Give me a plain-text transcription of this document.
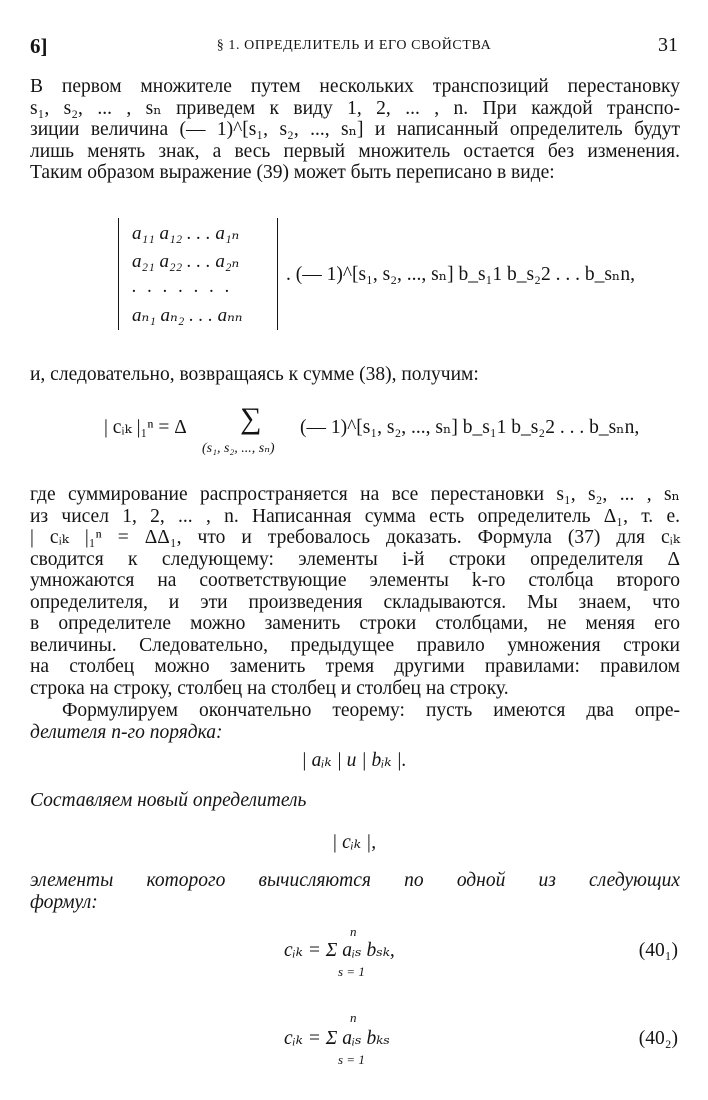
6]	§ 1. ОПРЕДЕЛИТЕЛЬ И ЕГО СВОЙСТВА	31
В первом множителе путем нескольких транспозиций перестановку
s₁, s₂, ... , sₙ приведем к виду 1, 2, ... , n. При каждой транспо-
зиции величина (— 1)^[s₁, s₂, ..., sₙ] и написанный определитель будут
лишь менять знак, а весь первый множитель остается без изменения.
Таким образом выражение (39) может быть переписано в виде:
a₁₁ a₁₂ . . . a₁ₙ
a₂₁ a₂₂ . . . a₂ₙ
. . . . . . .
aₙ₁ aₙ₂ . . . aₙₙ
. (— 1)^[s₁, s₂, ..., sₙ] b_s₁1 b_s₂2 . . . b_sₙn,
и, следовательно, возвращаясь к сумме (38), получим:
| cᵢₖ |₁ⁿ = Δ ∑ (— 1)^[s₁, s₂, ..., sₙ] b_s₁1 b_s₂2 . . . b_sₙn,
(s₁, s₂, ..., sₙ)
где суммирование распространяется на все перестановки s₁, s₂, ... , sₙ
из чисел 1, 2, ... , n. Написанная сумма есть определитель Δ₁, т. е.
| cᵢₖ |₁ⁿ = ΔΔ₁, что и требовалось доказать. Формула (37) для cᵢₖ
сводится к следующему: элементы i-й строки определителя Δ
умножаются на соответствующие элементы k-го столбца второго
определителя, и эти произведения складываются. Мы знаем, что
в определителе можно заменить строки столбцами, не меняя его
величины. Следовательно, предыдущее правило умножения строки
на столбец можно заменить тремя другими правилами: правилом
строка на строку, столбец на столбец и столбец на строку.
Формулируем окончательно теорему: пусть имеются два опре-
делителя n-го порядка:
| aᵢₖ | и | bᵢₖ |.
Составляем новый определитель
| cᵢₖ |,
элементы которого вычисляются по одной из следующих
формул:
n
cᵢₖ = Σ aᵢₛ bₛₖ,
s = 1
(40₁)
n
cᵢₖ = Σ aᵢₛ bₖₛ
s = 1
(40₂)
